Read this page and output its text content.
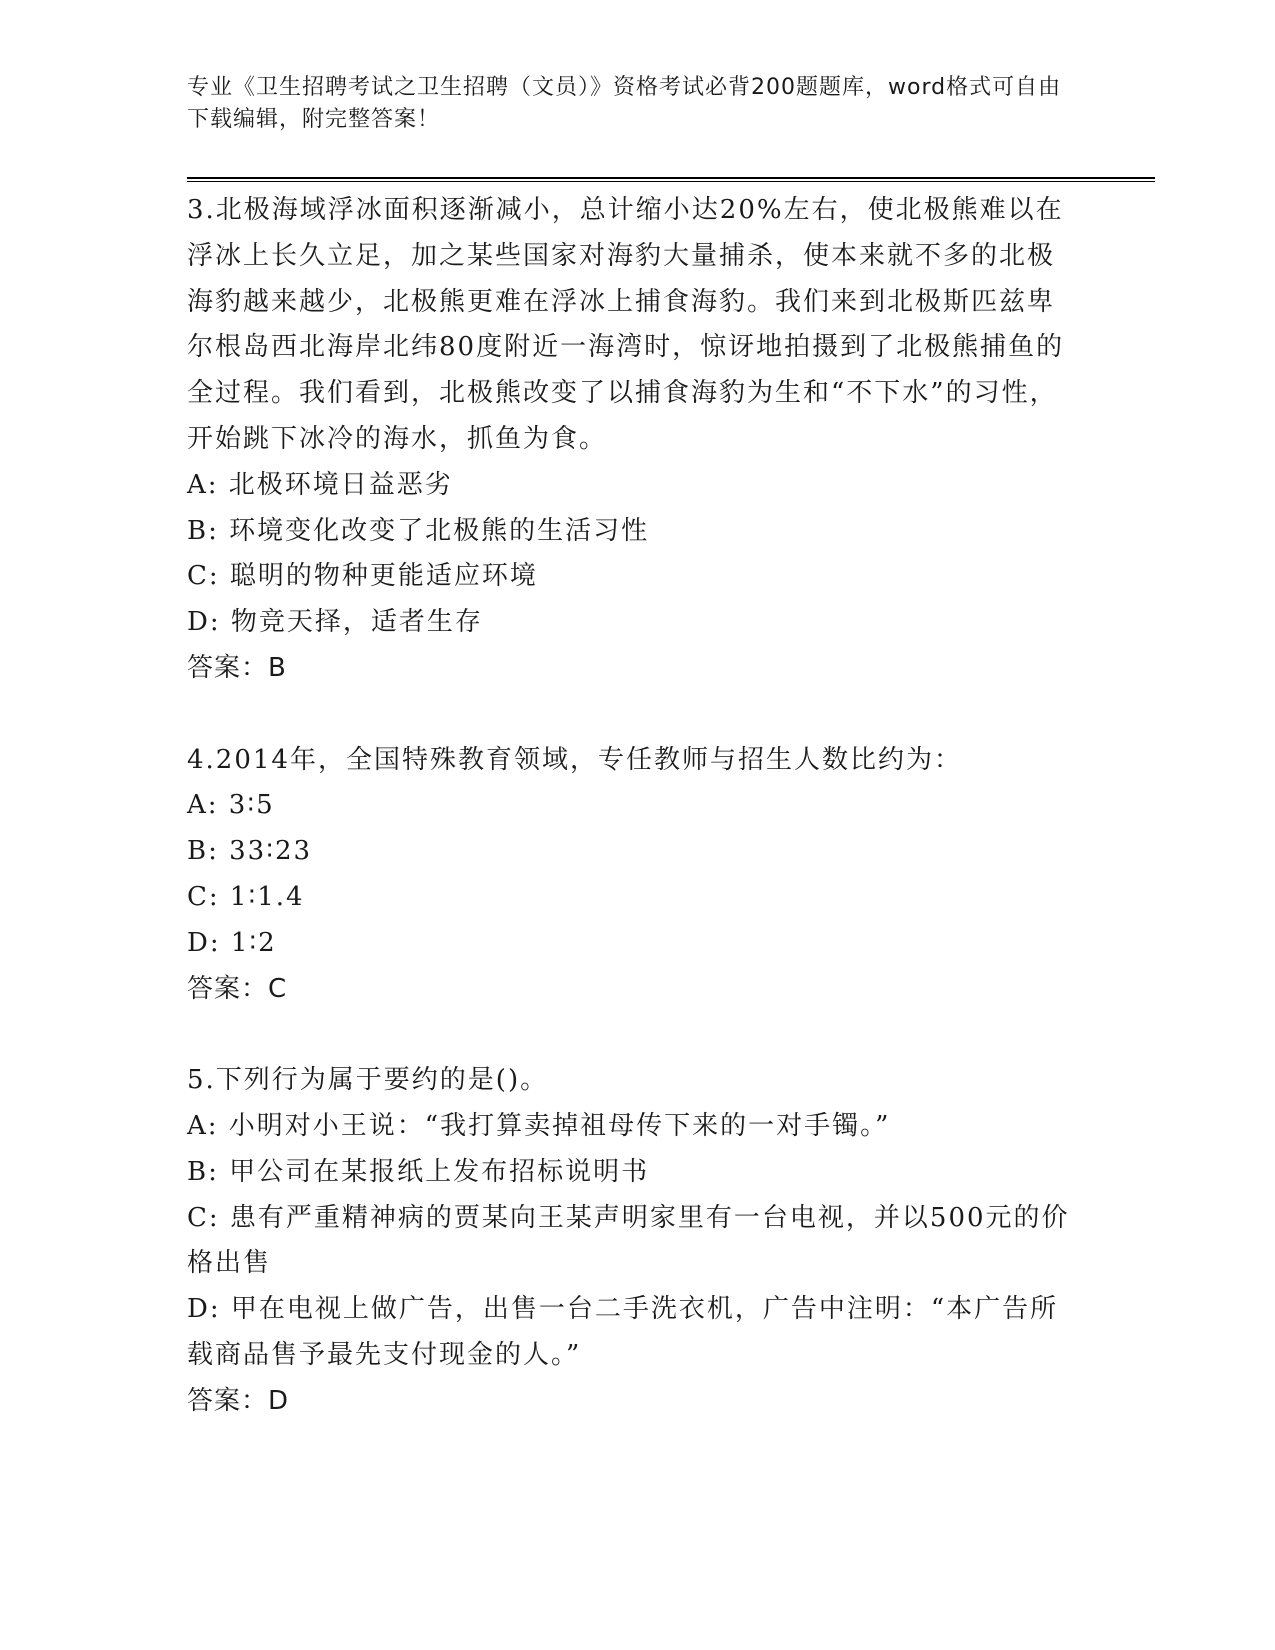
专业《卫生招聘考试之卫生招聘（文员）》资格考试必背200题题库，word格式可自由下载编辑，附完整答案！

3.北极海域浮冰面积逐渐减小，总计缩小达20%左右，使北极熊难以在浮冰上长久立足，加之某些国家对海豹大量捕杀，使本来就不多的北极海豹越来越少，北极熊更难在浮冰上捕食海豹。我们来到北极斯匹兹卑尔根岛西北海岸北纬80度附近一海湾时，惊讶地拍摄到了北极熊捕鱼的全过程。我们看到，北极熊改变了以捕食海豹为生和“不下水”的习性，开始跳下冰冷的海水，抓鱼为食。

A: 北极环境日益恶劣

B: 环境变化改变了北极熊的生活习性

C: 聪明的物种更能适应环境

D: 物竞天择，适者生存

答案：B

4.2014年，全国特殊教育领域，专任教师与招生人数比约为：

A: 3∶5

B: 33∶23

C: 1∶1.4

D: 1∶2

答案：C

5.下列行为属于要约的是()。

A: 小明对小王说：“我打算卖掉祖母传下来的一对手镯。”

B: 甲公司在某报纸上发布招标说明书

C: 患有严重精神病的贾某向王某声明家里有一台电视，并以500元的价格出售

D: 甲在电视上做广告，出售一台二手洗衣机，广告中注明：“本广告所载商品售予最先支付现金的人。”

答案：D
